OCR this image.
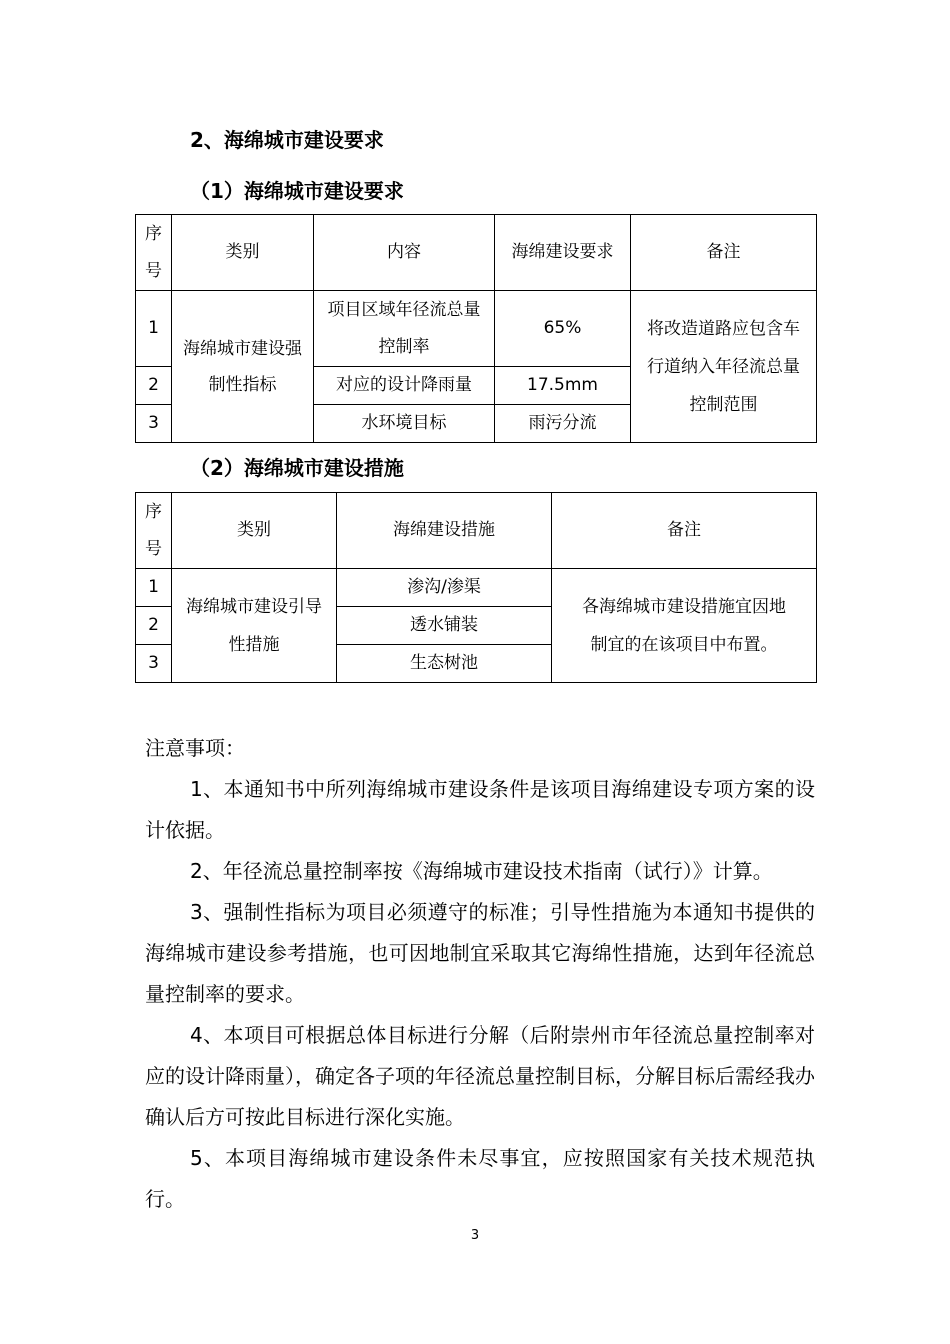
2、海绵城市建设要求
（1）海绵城市建设要求
序号	类别	内容	海绵建设要求	备注
1	海绵城市建设强制性指标	项目区域年径流总量控制率	65%	将改造道路应包含车行道纳入年径流总量控制范围

2		对应的设计降雨量	17.5mm	
3		水环境目标	雨污分流	
（2）海绵城市建设措施
序号	类别	海绵建设措施	备注
1	海绵城市建设引导性措施	渗沟/渗渠	各海绵城市建设措施宜因地制宜的在该项目中布置。

2		透水铺装	
3		生态树池	

注意事项：

1、本通知书中所列海绵城市建设条件是该项目海绵建设专项方案的设计依据。

2、年径流总量控制率按《海绵城市建设技术指南（试行）》计算。

3、强制性指标为项目必须遵守的标准；引导性措施为本通知书提供的海绵城市建设参考措施，也可因地制宜采取其它海绵性措施，达到年径流总量控制率的要求。

4、本项目可根据总体目标进行分解（后附崇州市年径流总量控制率对应的设计降雨量），确定各子项的年径流总量控制目标，分解目标后需经我办确认后方可按此目标进行深化实施。

5、本项目海绵城市建设条件未尽事宜，应按照国家有关技术规范执行。

3
